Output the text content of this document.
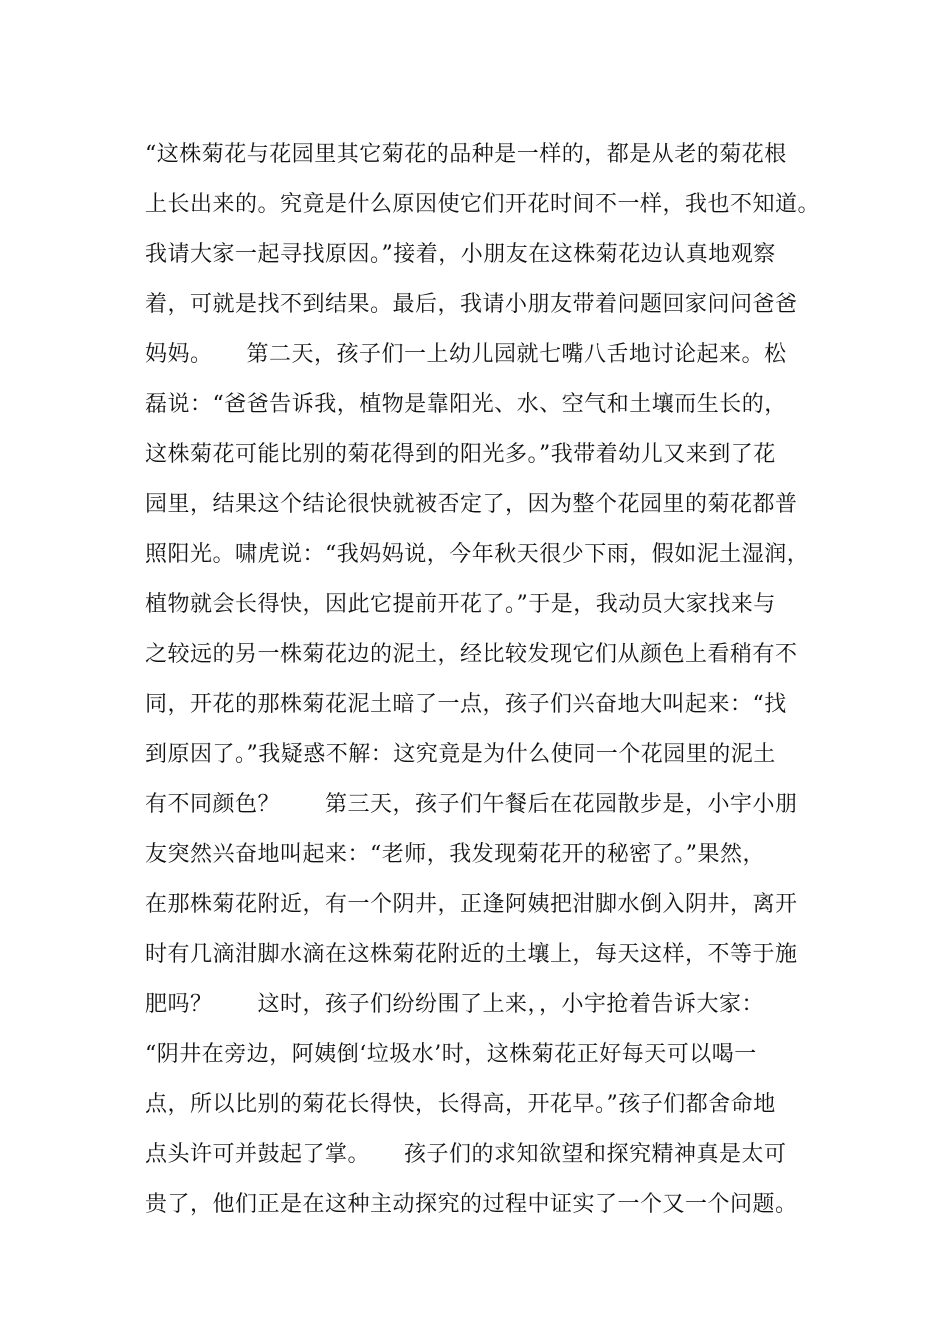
“这株菊花与花园里其它菊花的品种是一样的，都是从老的菊花根
上长出来的。究竟是什么原因使它们开花时间不一样，我也不知道。
我请大家一起寻找原因。”接着，小朋友在这株菊花边认真地观察
着，可就是找不到结果。最后，我请小朋友带着问题回家问问爸爸
妈妈。　　第二天，孩子们一上幼儿园就七嘴八舌地讨论起来。松
磊说：“爸爸告诉我，植物是靠阳光、水、空气和土壤而生长的，
这株菊花可能比别的菊花得到的阳光多。”我带着幼儿又来到了花
园里，结果这个结论很快就被否定了，因为整个花园里的菊花都普
照阳光。啸虎说：“我妈妈说，今年秋天很少下雨，假如泥土湿润，
植物就会长得快，因此它提前开花了。”于是，我动员大家找来与
之较远的另一株菊花边的泥土，经比较发现它们从颜色上看稍有不
同，开花的那株菊花泥土暗了一点，孩子们兴奋地大叫起来：“找
到原因了。”我疑惑不解：这究竟是为什么使同一个花园里的泥土
有不同颜色？　　第三天，孩子们午餐后在花园散步是，小宇小朋
友突然兴奋地叫起来：“老师，我发现菊花开的秘密了。”果然，
在那株菊花附近，有一个阴井，正逢阿姨把泔脚水倒入阴井，离开
时有几滴泔脚水滴在这株菊花附近的土壤上，每天这样，不等于施
肥吗？　　这时，孩子们纷纷围了上来，，小宇抢着告诉大家：
“阴井在旁边，阿姨倒‘垃圾水’时，这株菊花正好每天可以喝一
点，所以比别的菊花长得快，长得高，开花早。”孩子们都舍命地
点头许可并鼓起了掌。　　孩子们的求知欲望和探究精神真是太可
贵了，他们正是在这种主动探究的过程中证实了一个又一个问题。
